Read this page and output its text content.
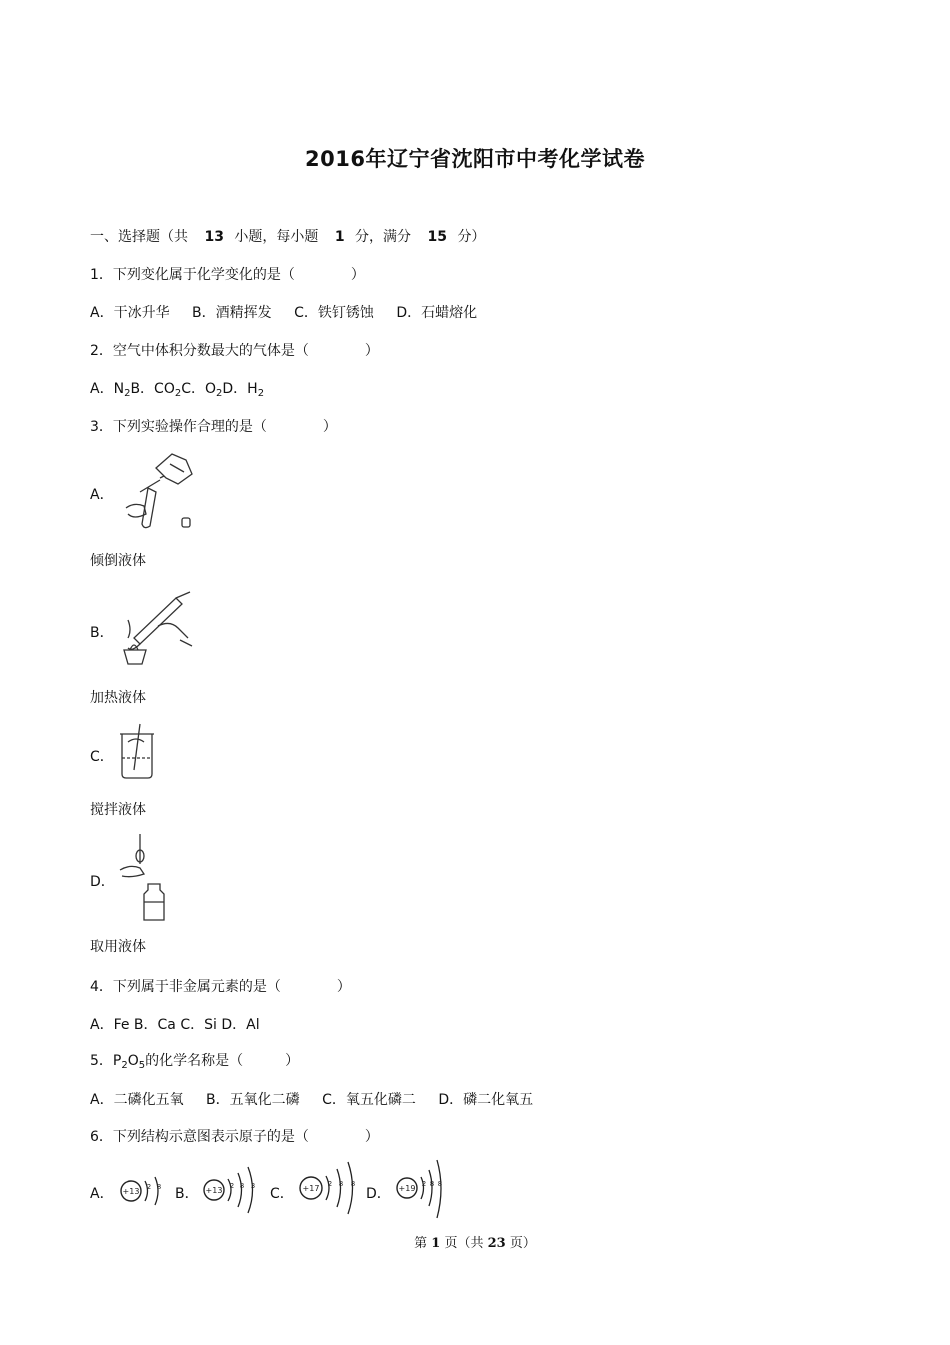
2016年辽宁省沈阳市中考化学试卷
一、选择题（共 13 小题，每小题 1 分，满分 15 分）
1．下列变化属于化学变化的是（　　　　）
A．干冰升华 B．酒精挥发 C．铁钉锈蚀 D．石蜡熔化
2．空气中体积分数最大的气体是（　　　　）
A．$N_2B$．$CO_2C$．$O_2D$．$H_2$
3．下列实验操作合理的是（　　　　）
A．
倾倒液体
B．
加热液体
C．
搅拌液体
D．
取用液体
4．下列属于非金属元素的是（　　　　）
A．Fe B．Ca C．Si D．Al
5．$P_2O_5$的化学名称是（　　　）
A．二磷化五氧 B．五氧化二磷 C．氧五化磷二 D．磷二化氧五
6．下列结构示意图表示原子的是（　　　　）
A． +13 2 8 B． +13 2 8 3 C． +17 2 8 8
D． +19 2 8 8
第 1 页（共 23 页）
